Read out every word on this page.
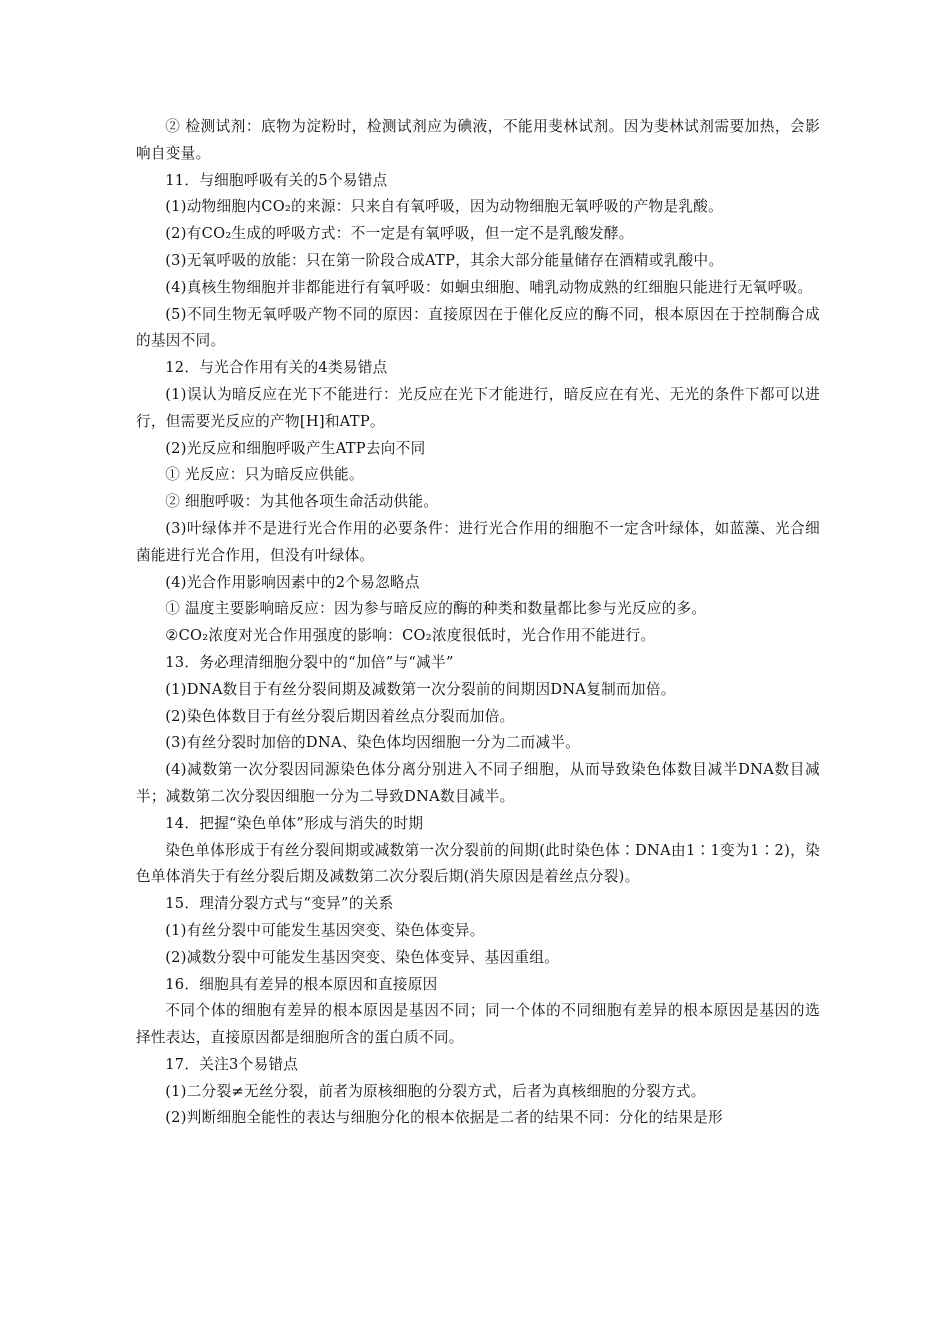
② 检测试剂：底物为淀粉时，检测试剂应为碘液，不能用斐林试剂。因为斐林试剂需要加热，会影响自变量。

11．与细胞呼吸有关的5个易错点

(1)动物细胞内CO₂的来源：只来自有氧呼吸，因为动物细胞无氧呼吸的产物是乳酸。

(2)有CO₂生成的呼吸方式：不一定是有氧呼吸，但一定不是乳酸发酵。

(3)无氧呼吸的放能：只在第一阶段合成ATP，其余大部分能量储存在酒精或乳酸中。

(4)真核生物细胞并非都能进行有氧呼吸：如蛔虫细胞、哺乳动物成熟的红细胞只能进行无氧呼吸。

(5)不同生物无氧呼吸产物不同的原因：直接原因在于催化反应的酶不同，根本原因在于控制酶合成的基因不同。

12．与光合作用有关的4类易错点

(1)误认为暗反应在光下不能进行：光反应在光下才能进行，暗反应在有光、无光的条件下都可以进行，但需要光反应的产物[H]和ATP。

(2)光反应和细胞呼吸产生ATP去向不同

① 光反应：只为暗反应供能。

② 细胞呼吸：为其他各项生命活动供能。

(3)叶绿体并不是进行光合作用的必要条件：进行光合作用的细胞不一定含叶绿体，如蓝藻、光合细菌能进行光合作用，但没有叶绿体。

(4)光合作用影响因素中的2个易忽略点

① 温度主要影响暗反应：因为参与暗反应的酶的种类和数量都比参与光反应的多。

②CO₂浓度对光合作用强度的影响：CO₂浓度很低时，光合作用不能进行。

13．务必理清细胞分裂中的“加倍”与“减半”

(1)DNA数目于有丝分裂间期及减数第一次分裂前的间期因DNA复制而加倍。

(2)染色体数目于有丝分裂后期因着丝点分裂而加倍。

(3)有丝分裂时加倍的DNA、染色体均因细胞一分为二而减半。

(4)减数第一次分裂因同源染色体分离分别进入不同子细胞，从而导致染色体数目减半DNA数目减半；减数第二次分裂因细胞一分为二导致DNA数目减半。

14．把握“染色单体”形成与消失的时期

染色单体形成于有丝分裂间期或减数第一次分裂前的间期(此时染色体∶DNA由1∶1变为1∶2)，染色单体消失于有丝分裂后期及减数第二次分裂后期(消失原因是着丝点分裂)。

15．理清分裂方式与“变异”的关系

(1)有丝分裂中可能发生基因突变、染色体变异。

(2)减数分裂中可能发生基因突变、染色体变异、基因重组。

16．细胞具有差异的根本原因和直接原因

不同个体的细胞有差异的根本原因是基因不同；同一个体的不同细胞有差异的根本原因是基因的选择性表达，直接原因都是细胞所含的蛋白质不同。

17．关注3个易错点

(1)二分裂≠无丝分裂，前者为原核细胞的分裂方式，后者为真核细胞的分裂方式。

(2)判断细胞全能性的表达与细胞分化的根本依据是二者的结果不同：分化的结果是形
